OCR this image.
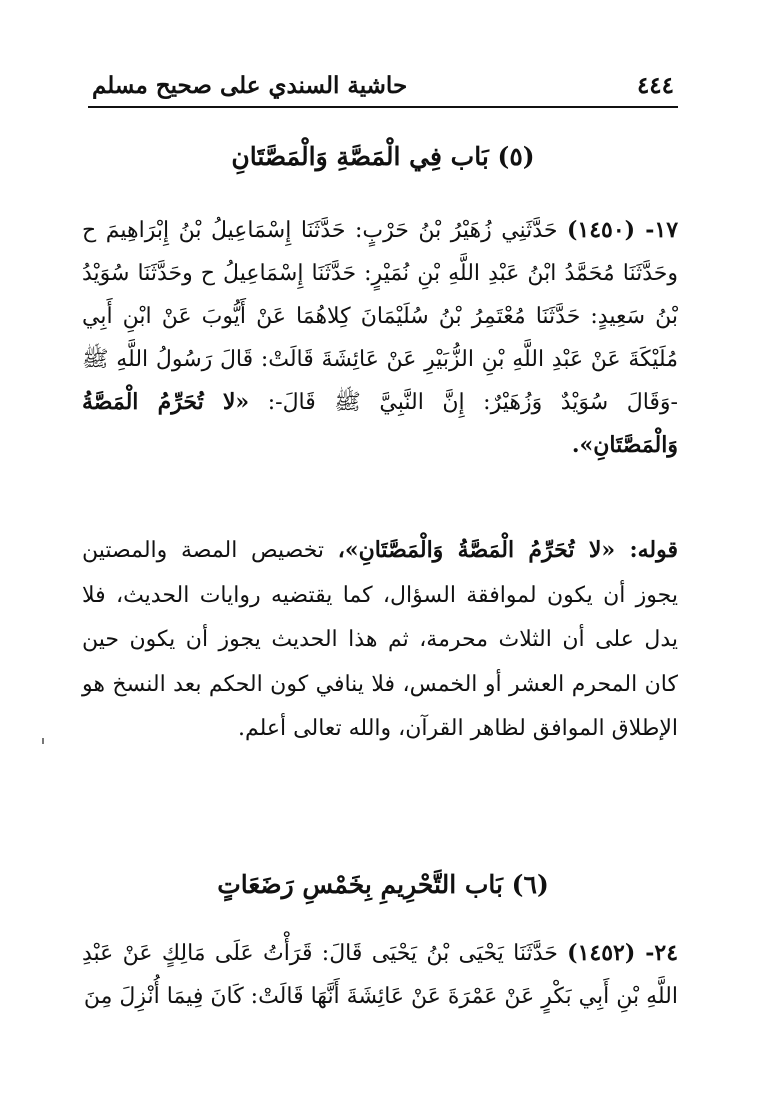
٤٤٤
حاشية السندي على صحيح مسلم
(٥) بَاب فِي الْمَصَّةِ وَالْمَصَّتَانِ

١٧- (١٤٥٠) حَدَّثَنِي زُهَيْرُ بْنُ حَرْبٍ: حَدَّثَنَا إِسْمَاعِيلُ بْنُ إِبْرَاهِيمَ ح وحَدَّثَنَا مُحَمَّدُ ابْنُ عَبْدِ اللَّهِ بْنِ نُمَيْرٍ: حَدَّثَنَا إِسْمَاعِيلُ ح وحَدَّثَنَا سُوَيْدُ بْنُ سَعِيدٍ: حَدَّثَنَا مُعْتَمِرُ بْنُ سُلَيْمَانَ كِلاهُمَا عَنْ أَيُّوبَ عَنْ ابْنِ أَبِي مُلَيْكَةَ عَنْ عَبْدِ اللَّهِ بْنِ الزُّبَيْرِ عَنْ عَائِشَةَ قَالَتْ: قَالَ رَسُولُ اللَّهِ ﷺ -وَقَالَ سُوَيْدٌ وَزُهَيْرٌ: إِنَّ النَّبِيَّ ﷺ قَالَ-: «لا تُحَرِّمُ الْمَصَّةُ وَالْمَصَّتَانِ».

قوله: «لا تُحَرِّمُ الْمَصَّةُ وَالْمَصَّتَانِ»، تخصيص المصة والمصتين يجوز أن يكون لموافقة السؤال، كما يقتضيه روايات الحديث، فلا يدل على أن الثلاث محرمة، ثم هذا الحديث يجوز أن يكون حين كان المحرم العشر أو الخمس، فلا ينافي كون الحكم بعد النسخ هو الإطلاق الموافق لظاهر القرآن، والله تعالى أعلم.

(٦) بَاب التَّحْرِيمِ بِخَمْسِ رَضَعَاتٍ

٢٤- (١٤٥٢) حَدَّثَنَا يَحْيَى بْنُ يَحْيَى قَالَ: قَرَأْتُ عَلَى مَالِكٍ عَنْ عَبْدِ اللَّهِ بْنِ أَبِي بَكْرٍ عَنْ عَمْرَةَ عَنْ عَائِشَةَ أَنَّهَا قَالَتْ: كَانَ فِيمَا أُنْزِلَ مِنَ
